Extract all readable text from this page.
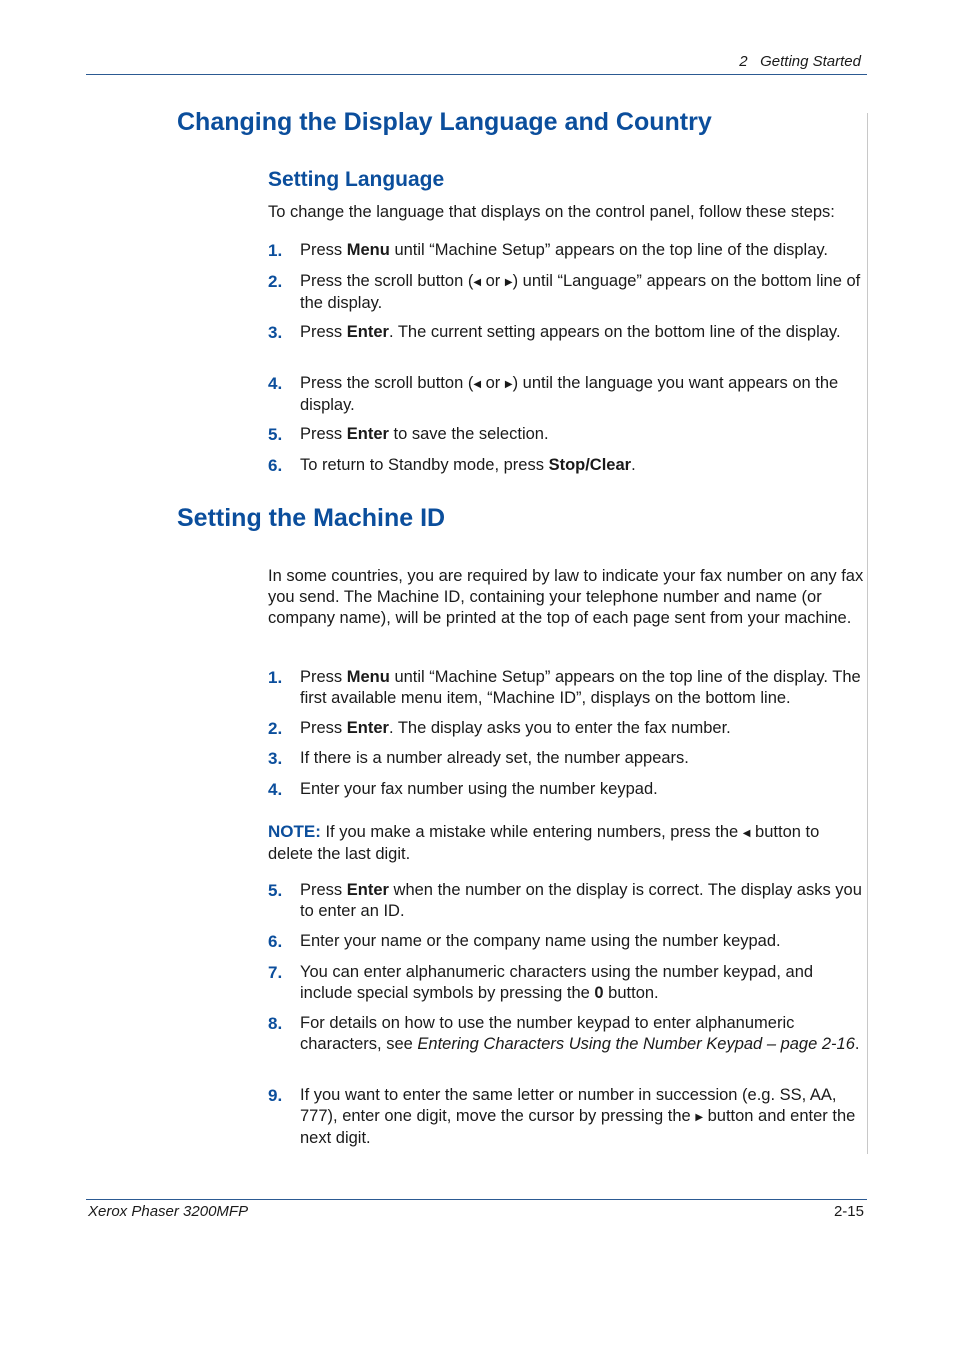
2   Getting Started
Changing the Display Language and Country
Setting Language

To change the language that displays on the control panel, follow these steps:

1. Press Menu until “Machine Setup” appears on the top line of the display.
2. Press the scroll button (◀ or ▶) until “Language” appears on the bottom line of the display.
3. Press Enter. The current setting appears on the bottom line of the display.
4. Press the scroll button (◀ or ▶) until the language you want appears on the display.
5. Press Enter to save the selection.
6. To return to Standby mode, press Stop/Clear.
Setting the Machine ID

In some countries, you are required by law to indicate your fax number on any fax you send. The Machine ID, containing your telephone number and name (or company name), will be printed at the top of each page sent from your machine.

1. Press Menu until “Machine Setup” appears on the top line of the display. The first available menu item, “Machine ID”, displays on the bottom line.
2. Press Enter. The display asks you to enter the fax number.
3. If there is a number already set, the number appears.
4. Enter your fax number using the number keypad.

NOTE: If you make a mistake while entering numbers, press the ◀ button to delete the last digit.

5. Press Enter when the number on the display is correct. The display asks you to enter an ID.
6. Enter your name or the company name using the number keypad.
7. You can enter alphanumeric characters using the number keypad, and include special symbols by pressing the 0 button.
8. For details on how to use the number keypad to enter alphanumeric characters, see Entering Characters Using the Number Keypad – page 2-16.
9. If you want to enter the same letter or number in succession (e.g. SS, AA, 777), enter one digit, move the cursor by pressing the ▶ button and enter the next digit.
Xerox Phaser 3200MFP	2-15
